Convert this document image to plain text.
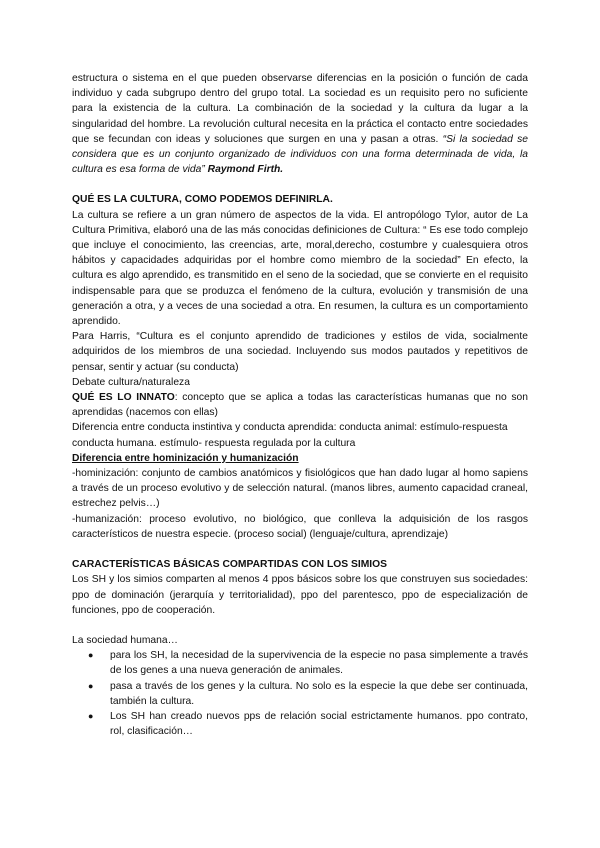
estructura o sistema en el que pueden observarse diferencias en la posición o función de cada individuo y cada subgrupo dentro del grupo total. La sociedad es un requisito pero no suficiente para la existencia de la cultura. La combinación de la sociedad y la cultura da lugar a la singularidad del hombre. La revolución cultural necesita en la práctica el contacto entre sociedades que se fecundan con ideas y soluciones que surgen en una y pasan a otras. “Si la sociedad se considera que es un conjunto organizado de individuos con una forma determinada de vida, la cultura es esa forma de vida” Raymond Firth.

QUÉ ES LA CULTURA, COMO PODEMOS DEFINIRLA.

La cultura se refiere a un gran número de aspectos de la vida. El antropólogo Tylor, autor de La Cultura Primitiva, elaboró una de las más conocidas definiciones de Cultura: “ Es ese todo complejo que incluye el conocimiento, las creencias, arte, moral,derecho, costumbre y cualesquiera otros hábitos y capacidades adquiridas por el hombre como miembro de la sociedad” En efecto, la cultura es algo aprendido, es transmitido en el seno de la sociedad, que se convierte en el requisito indispensable para que se produzca el fenómeno de la cultura, evolución y transmisión de una generación a otra, y a veces de una sociedad a otra. En resumen, la cultura es un comportamiento aprendido.

Para Harris, “Cultura es el conjunto aprendido de tradiciones y estilos de vida, socialmente adquiridos de los miembros de una sociedad. Incluyendo sus modos pautados y repetitivos de pensar, sentir y actuar (su conducta)

Debate cultura/naturaleza

QUÉ ES LO INNATO: concepto que se aplica a todas las características humanas que no son aprendidas (nacemos con ellas)

Diferencia entre conducta instintiva y conducta aprendida: conducta animal: estímulo-respuesta

conducta humana. estímulo- respuesta regulada por la cultura

Diferencia entre hominización y humanización

-hominización: conjunto de cambios anatómicos y fisiológicos que han dado lugar al homo sapiens a través de un proceso evolutivo y de selección natural. (manos libres, aumento capacidad craneal, estrechez pelvis…)

-humanización: proceso evolutivo, no biológico, que conlleva la adquisición de los rasgos característicos de nuestra especie. (proceso social) (lenguaje/cultura, aprendizaje)

CARACTERÍSTICAS BÁSICAS COMPARTIDAS CON LOS SIMIOS

Los SH y los simios comparten al menos 4 ppos básicos sobre los que construyen sus sociedades: ppo de dominación (jerarquía y territorialidad), ppo del parentesco, ppo de especialización de funciones, ppo de cooperación.

La sociedad humana…

● para los SH, la necesidad de la supervivencia de la especie no pasa simplemente a través de los genes a una nueva generación de animales.
● pasa a través de los genes y la cultura. No solo es la especie la que debe ser continuada, también la cultura.
● Los SH han creado nuevos pps de relación social estrictamente humanos. ppo contrato, rol, clasificación…
